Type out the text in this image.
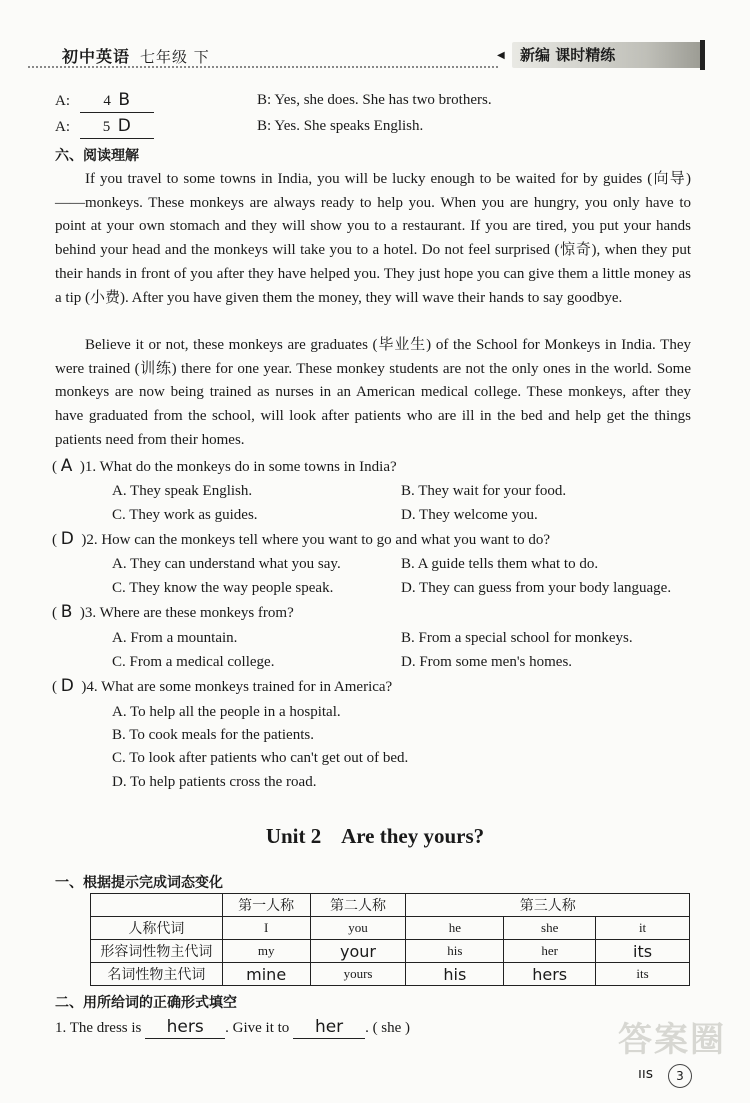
初中英语 七年级 下	◀	新编 课时精练
A: 4 B	B: Yes, she does. She has two brothers.
A: 5 D	B: Yes. She speaks English.
六、阅读理解

If you travel to some towns in India, you will be lucky enough to be waited for by guides (向导)——monkeys. These monkeys are always ready to help you. When you are hungry, you only have to point at your own stomach and they will show you to a restaurant. If you are tired, you put your hands behind your head and the monkeys will take you to a hotel. Do not feel surprised (惊奇), when they put their hands in front of you after they have helped you. They just hope you can give them a little money as a tip (小费). After you have given them the money, they will wave their hands to say goodbye.

Believe it or not, these monkeys are graduates (毕业生) of the School for Monkeys in India. They were trained (训练) there for one year. These monkey students are not the only ones in the world. Some monkeys are now being trained as nurses in an American medical college. These monkeys, after they have graduated from the school, will look after patients who are ill in the bed and help get the things patients need from their homes.

( A )1. What do the monkeys do in some towns in India?
A. They speak English.	B. They wait for your food.
C. They work as guides.	D. They welcome you.
( D )2. How can the monkeys tell where you want to go and what you want to do?
A. They can understand what you say.	B. A guide tells them what to do.
C. They know the way people speak.	D. They can guess from your body language.
( B )3. Where are these monkeys from?
A. From a mountain.	B. From a special school for monkeys.
C. From a medical college.	D. From some men's homes.
( D )4. What are some monkeys trained for in America?
A. To help all the people in a hospital.
B. To cook meals for the patients.
C. To look after patients who can't get out of bed.
D. To help patients cross the road.
Unit 2    Are they yours?
一、根据提示完成词态变化
	第一人称	第二人称	第三人称		
人称代词	I	you	he	she	it
形容词性物主代词	my	your	his	her	its
名词性物主代词	mine	yours	his	hers	its
二、用所给词的正确形式填空
1. The dress is hers . Give it to her . ( she )	答案圈
ııs	3
